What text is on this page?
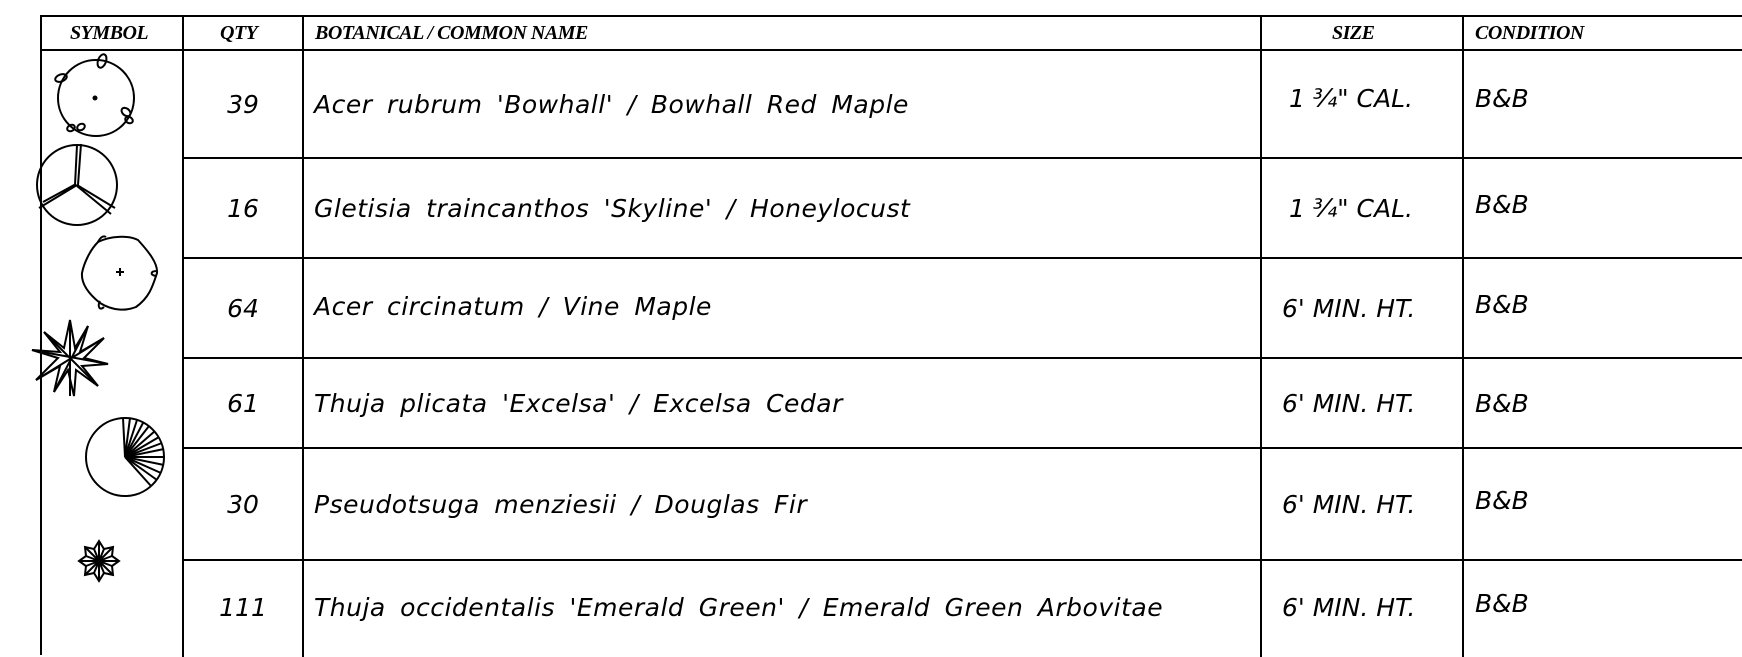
SYMBOL	QTY	BOTANICAL / COMMON NAME	SIZE	CONDITION
39	Acer rubrum 'Bowhall' / Bowhall Red Maple	1 ¾" CAL.	B&B
16	Gletisia traincanthos 'Skyline' / Honeylocust	1 ¾" CAL.	B&B
64	Acer circinatum / Vine Maple	6' MIN. HT.	B&B
61	Thuja plicata 'Excelsa' / Excelsa Cedar	6' MIN. HT.	B&B
30	Pseudotsuga menziesii / Douglas Fir	6' MIN. HT.	B&B
111	Thuja occidentalis 'Emerald Green' / Emerald Green Arbovitae	6' MIN. HT.	B&B
